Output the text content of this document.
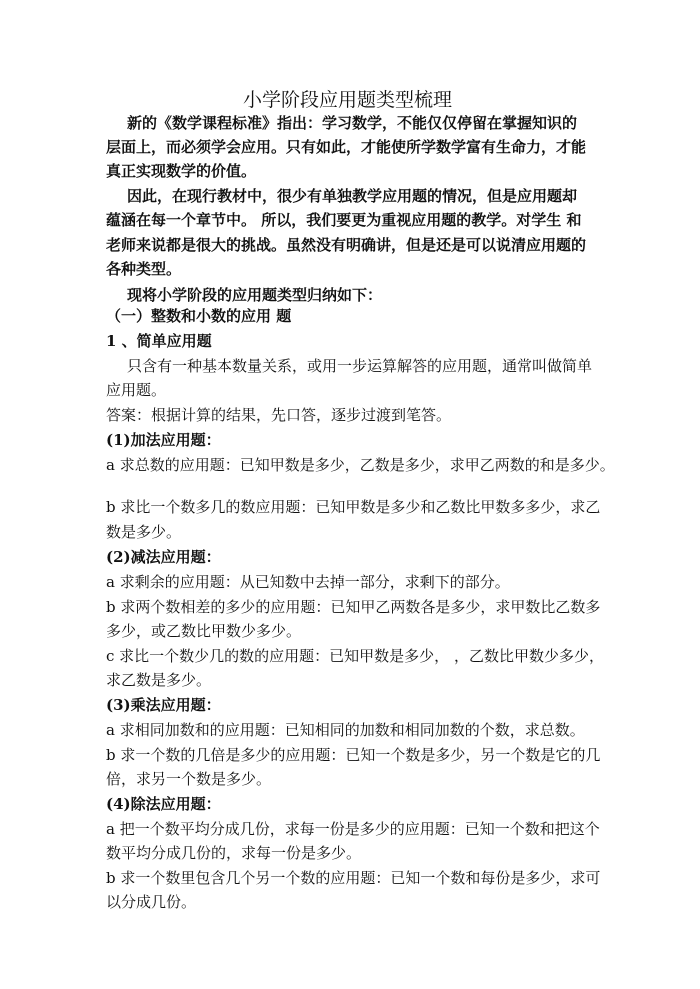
小学阶段应用题类型梳理

新的《数学课程标准》指出：学习数学，不能仅仅停留在掌握知识的

层面上，而必须学会应用。只有如此，才能使所学数学富有生命力，才能

真正实现数学的价值。

因此，在现行教材中，很少有单独教学应用题的情况，但是应用题却

蕴涵在每一个章节中。 所以，我们要更为重视应用题的教学。对学生 和

老师来说都是很大的挑战。虽然没有明确讲，但是还是可以说清应用题的

各种类型。

现将小学阶段的应用题类型归纳如下：

（一）整数和小数的应用 题
1 、简单应用题

只含有一种基本数量关系，或用一步运算解答的应用题，通常叫做简单

应用题。

答案：根据计算的结果，先口答，逐步过渡到笔答。

(1)加法应用题：

a 求总数的应用题：已知甲数是多少，乙数是多少，求甲乙两数的和是多少。

b 求比一个数多几的数应用题：已知甲数是多少和乙数比甲数多多少，求乙

数是多少。

(2)减法应用题：

a 求剩余的应用题：从已知数中去掉一部分，求剩下的部分。

b 求两个数相差的多少的应用题：已知甲乙两数各是多少，求甲数比乙数多

多少，或乙数比甲数少多少。

c 求比一个数少几的数的应用题：已知甲数是多少， ，乙数比甲数少多少，

求乙数是多少。

(3)乘法应用题：

a 求相同加数和的应用题：已知相同的加数和相同加数的个数，求总数。

b 求一个数的几倍是多少的应用题：已知一个数是多少，另一个数是它的几

倍，求另一个数是多少。

(4)除法应用题：

a 把一个数平均分成几份，求每一份是多少的应用题：已知一个数和把这个

数平均分成几份的，求每一份是多少。

b 求一个数里包含几个另一个数的应用题：已知一个数和每份是多少，求可

以分成几份。
